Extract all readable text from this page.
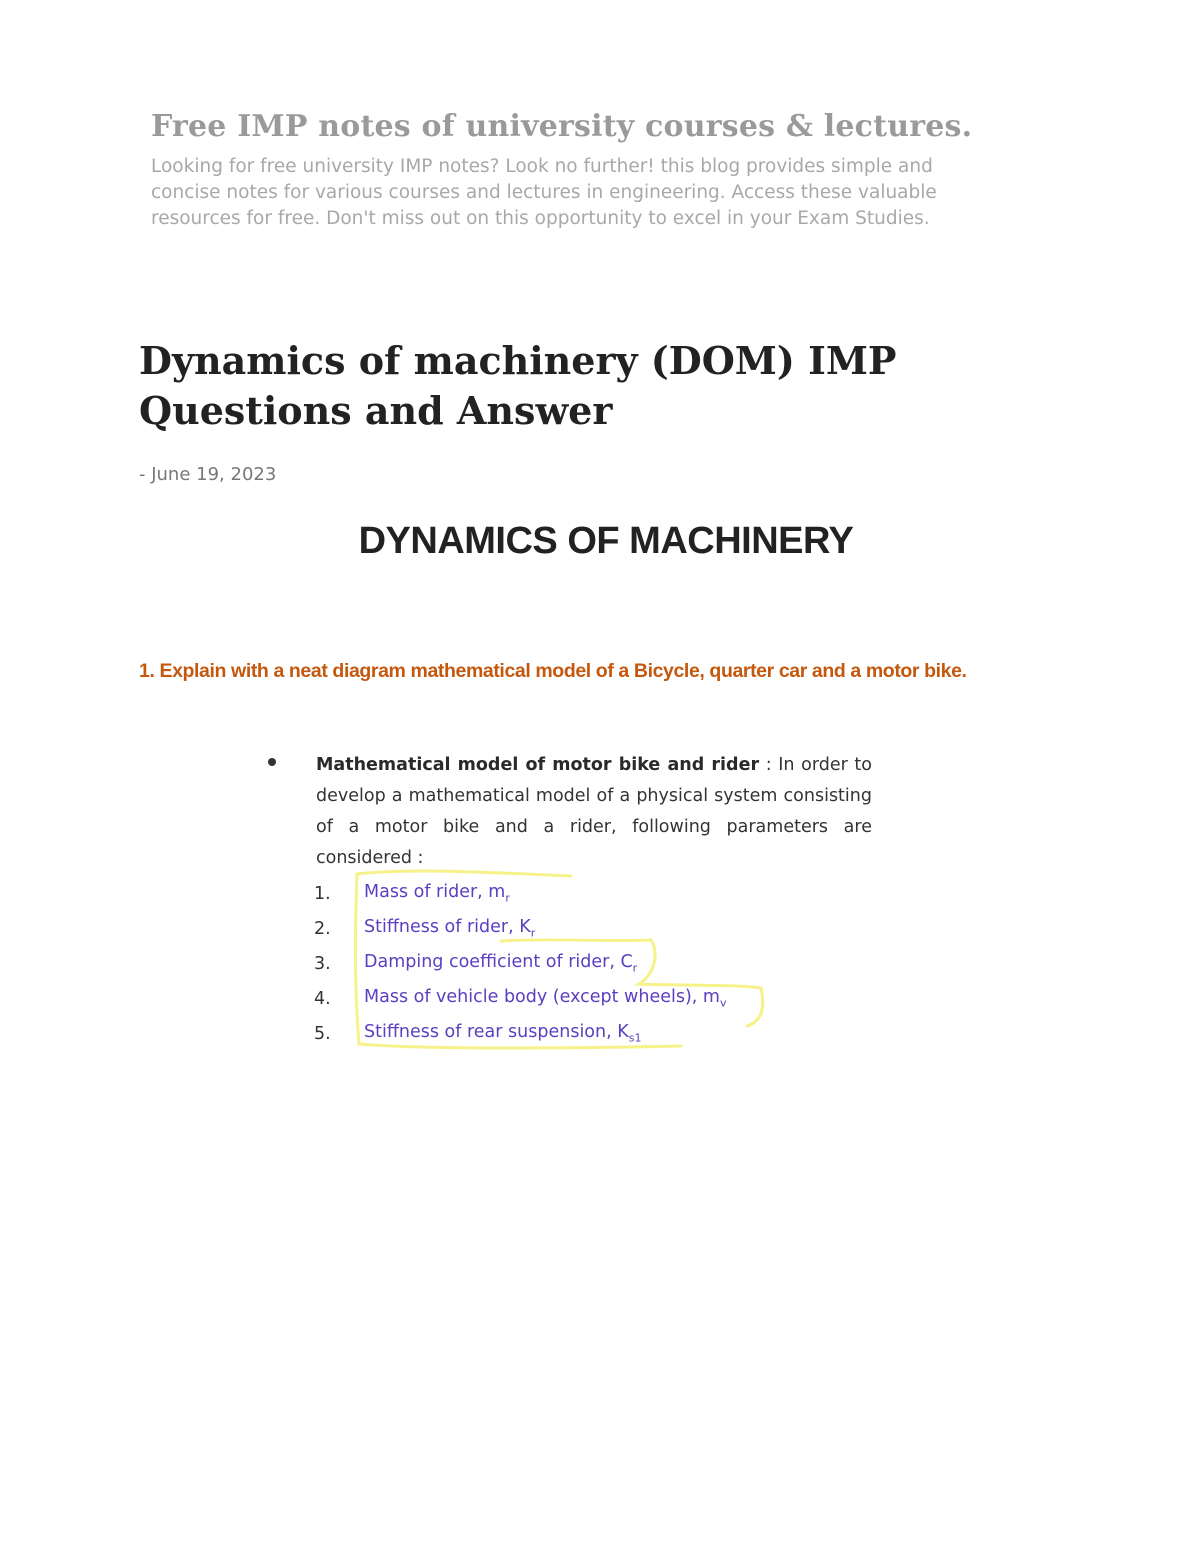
Free IMP notes of university courses & lectures.
Looking for free university IMP notes? Look no further! this blog provides simple and concise notes for various courses and lectures in engineering. Access these valuable resources for free. Don't miss out on this opportunity to excel in your Exam Studies.
Dynamics of machinery (DOM) IMP Questions and Answer
- June 19, 2023
DYNAMICS OF MACHINERY
1. Explain with a neat diagram mathematical model of a Bicycle, quarter car and a motor bike.
Mathematical model of motor bike and rider : In order to develop a mathematical model of a physical system consisting of a motor bike and a rider, following parameters are considered :
1.	Mass of rider, $m_r$
2.	Stiffness of rider, $K_r$
3.	Damping coefficient of rider, $C_r$
4.	Mass of vehicle body (except wheels), $m_v$
5.	Stiffness of rear suspension, $K_{s1}$
